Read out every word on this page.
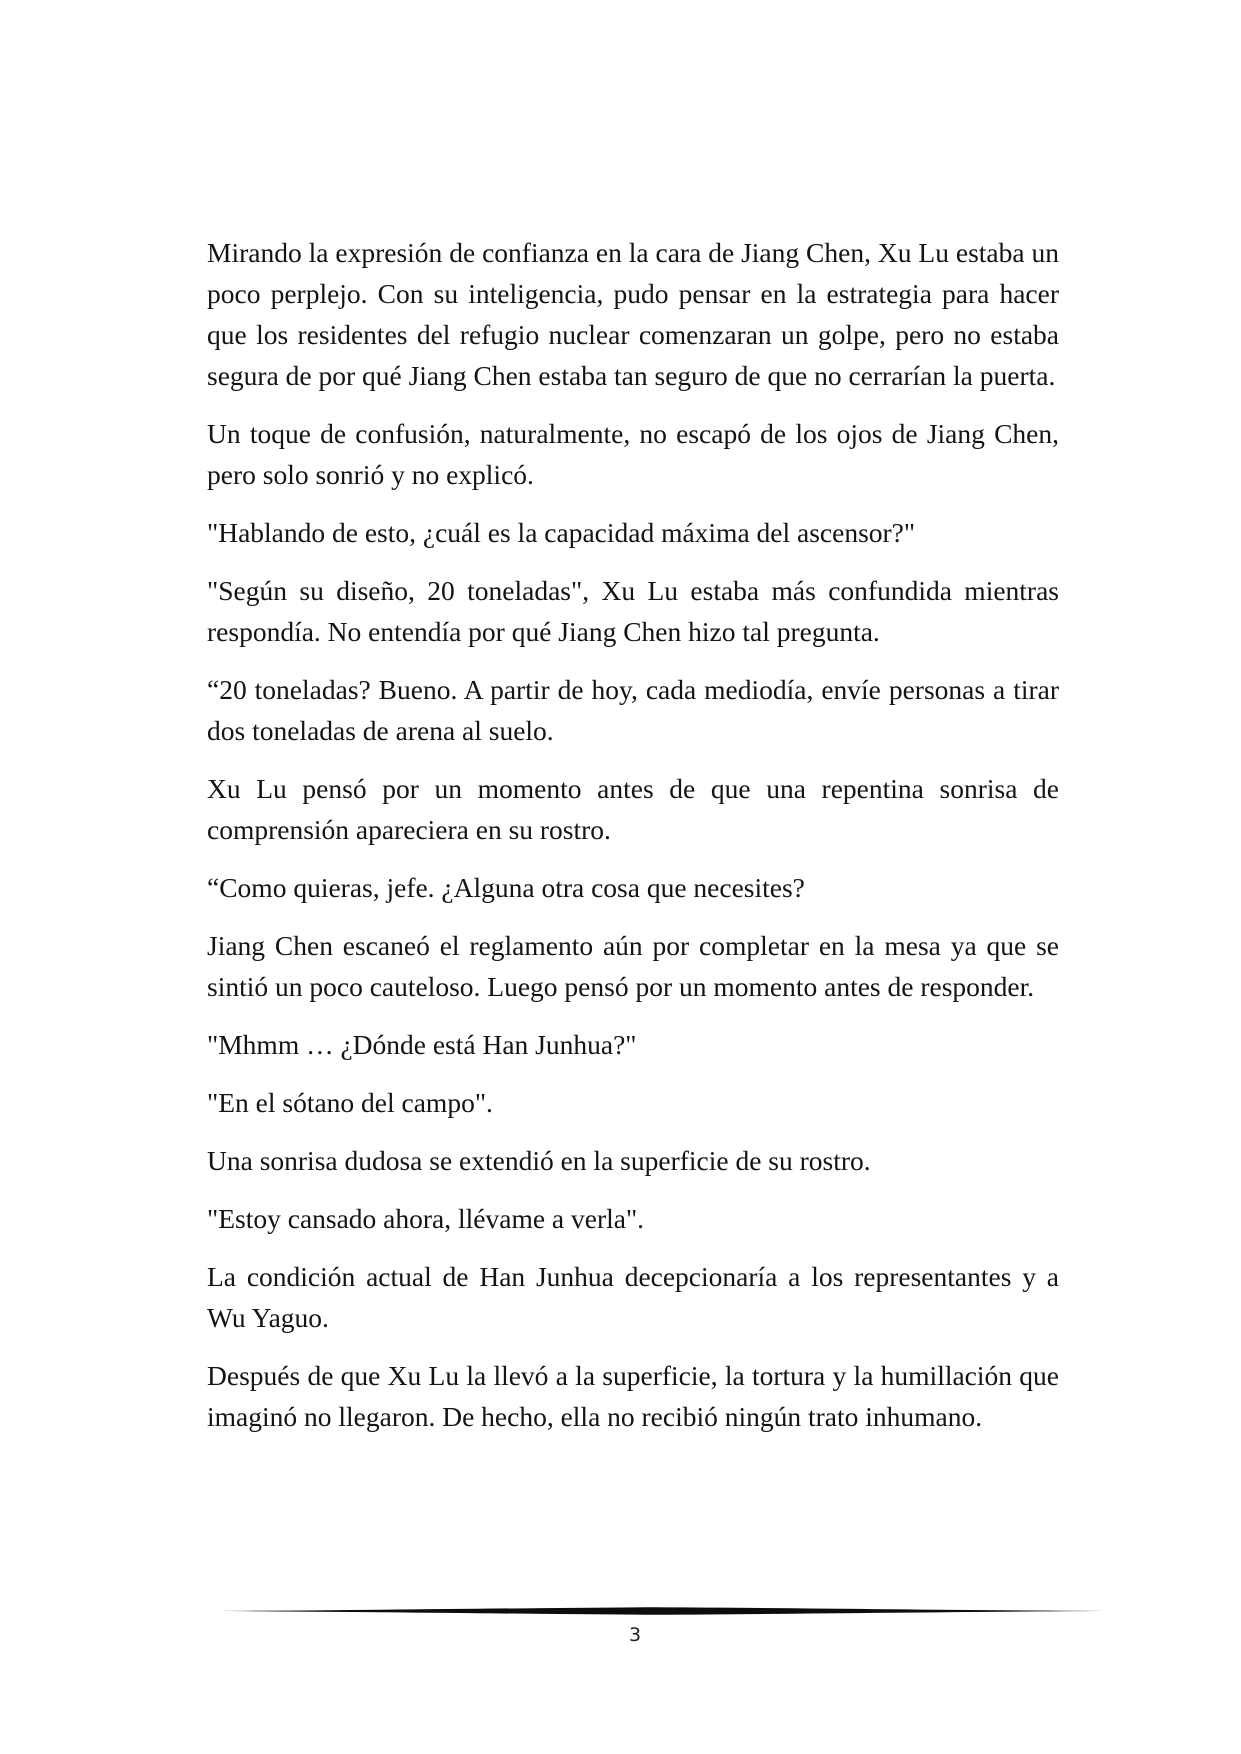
Mirando la expresión de confianza en la cara de Jiang Chen, Xu Lu estaba un poco perplejo. Con su inteligencia, pudo pensar en la estrategia para hacer que los residentes del refugio nuclear comenzaran un golpe, pero no estaba segura de por qué Jiang Chen estaba tan seguro de que no cerrarían la puerta.

Un toque de confusión, naturalmente, no escapó de los ojos de Jiang Chen, pero solo sonrió y no explicó.

"Hablando de esto, ¿cuál es la capacidad máxima del ascensor?"

"Según su diseño, 20 toneladas", Xu Lu estaba más confundida mientras respondía. No entendía por qué Jiang Chen hizo tal pregunta.

“20 toneladas? Bueno. A partir de hoy, cada mediodía, envíe personas a tirar dos toneladas de arena al suelo.

Xu Lu pensó por un momento antes de que una repentina sonrisa de comprensión apareciera en su rostro.

“Como quieras, jefe. ¿Alguna otra cosa que necesites?

Jiang Chen escaneó el reglamento aún por completar en la mesa ya que se sintió un poco cauteloso. Luego pensó por un momento antes de responder.

"Mhmm … ¿Dónde está Han Junhua?"

"En el sótano del campo".

Una sonrisa dudosa se extendió en la superficie de su rostro.

"Estoy cansado ahora, llévame a verla".

La condición actual de Han Junhua decepcionaría a los representantes y a Wu Yaguo.

Después de que Xu Lu la llevó a la superficie, la tortura y la humillación que imaginó no llegaron. De hecho, ella no recibió ningún trato inhumano.

3
